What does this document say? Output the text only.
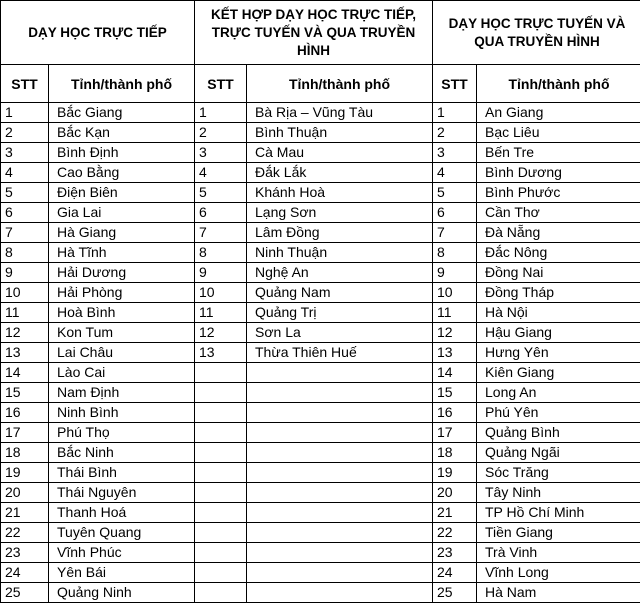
DẠY HỌC TRỰC TIẾP		KẾT HỢP DẠY HỌC TRỰC TIẾP, TRỰC TUYẾN VÀ QUA TRUYỀN HÌNH		DẠY HỌC TRỰC TUYẾN VÀ QUA TRUYỀN HÌNH	
STT	Tỉnh/thành phố	STT	Tỉnh/thành phố	STT	Tỉnh/thành phố
1	Bắc Giang	1	Bà Rịa – Vũng Tàu	1	An Giang
2	Bắc Kạn	2	Bình Thuận	2	Bạc Liêu
3	Bình Định	3	Cà Mau	3	Bến Tre
4	Cao Bằng	4	Đắk Lắk	4	Bình Dương
5	Điện Biên	5	Khánh Hoà	5	Bình Phước
6	Gia Lai	6	Lạng Sơn	6	Cần Thơ
7	Hà Giang	7	Lâm Đồng	7	Đà Nẵng
8	Hà Tĩnh	8	Ninh Thuận	8	Đắc Nông
9	Hải Dương	9	Nghệ An	9	Đồng Nai
10	Hải Phòng	10	Quảng Nam	10	Đồng Tháp
11	Hoà Bình	11	Quảng Trị	11	Hà Nội
12	Kon Tum	12	Sơn La	12	Hậu Giang
13	Lai Châu	13	Thừa Thiên Huế	13	Hưng Yên
14	Lào Cai			14	Kiên Giang
15	Nam Định			15	Long An
16	Ninh Bình			16	Phú Yên
17	Phú Thọ			17	Quảng Bình
18	Bắc Ninh			18	Quảng Ngãi
19	Thái Bình			19	Sóc Trăng
20	Thái Nguyên			20	Tây Ninh
21	Thanh Hoá			21	TP Hồ Chí Minh
22	Tuyên Quang			22	Tiền Giang
23	Vĩnh Phúc			23	Trà Vinh
24	Yên Bái			24	Vĩnh Long
25	Quảng Ninh			25	Hà Nam
